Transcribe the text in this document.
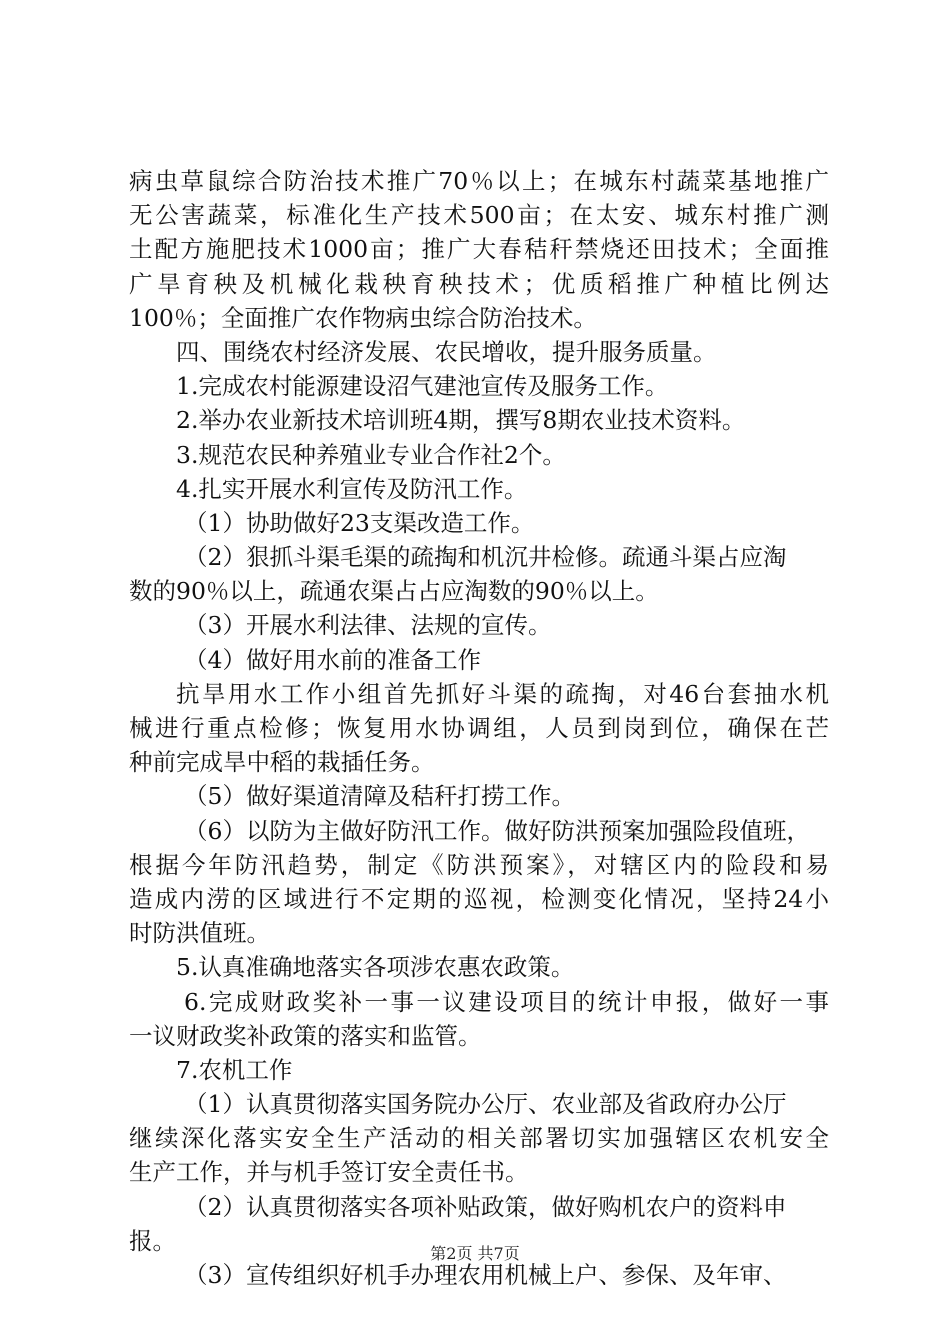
病虫草鼠综合防治技术推广70％以上；在城东村蔬菜基地推广
无公害蔬菜，标准化生产技术500亩；在太安、城东村推广测
土配方施肥技术1000亩；推广大春秸秆禁烧还田技术；全面推
广旱育秧及机械化栽秧育秧技术；优质稻推广种植比例达
100％；全面推广农作物病虫综合防治技术。
四、围绕农村经济发展、农民增收，提升服务质量。
1.完成农村能源建设沼气建池宣传及服务工作。
2.举办农业新技术培训班4期，撰写8期农业技术资料。
3.规范农民种养殖业专业合作社2个。
4.扎实开展水利宣传及防汛工作。
（1）协助做好23支渠改造工作。
（2）狠抓斗渠毛渠的疏掏和机沉井检修。疏通斗渠占应淘
数的90％以上，疏通农渠占占应淘数的90％以上。
（3）开展水利法律、法规的宣传。
（4）做好用水前的准备工作
抗旱用水工作小组首先抓好斗渠的疏掏，对46台套抽水机
械进行重点检修；恢复用水协调组，人员到岗到位，确保在芒
种前完成旱中稻的栽插任务。
（5）做好渠道清障及秸秆打捞工作。
（6）以防为主做好防汛工作。做好防洪预案加强险段值班，
根据今年防汛趋势，制定《防洪预案》，对辖区内的险段和易
造成内涝的区域进行不定期的巡视，检测变化情况，坚持24小
时防洪值班。
5.认真准确地落实各项涉农惠农政策。
6.完成财政奖补一事一议建设项目的统计申报，做好一事
一议财政奖补政策的落实和监管。
7.农机工作
（1）认真贯彻落实国务院办公厅、农业部及省政府办公厅
继续深化落实安全生产活动的相关部署切实加强辖区农机安全
生产工作，并与机手签订安全责任书。
（2）认真贯彻落实各项补贴政策，做好购机农户的资料申
报。
（3）宣传组织好机手办理农用机械上户、参保、及年审、
第2页 共7页
